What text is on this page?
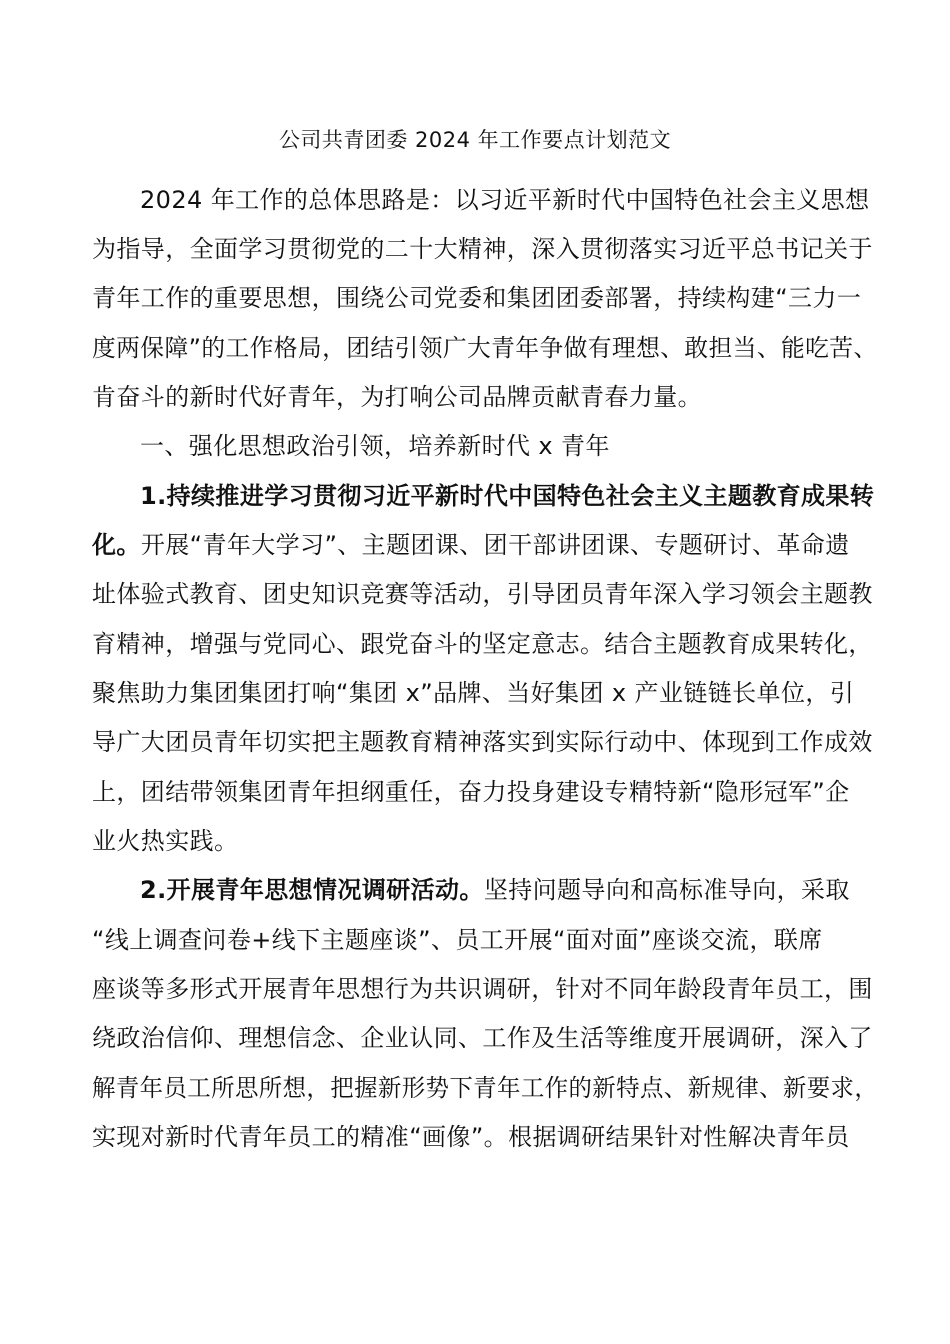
公司共青团委 2024 年工作要点计划范文
2024 年工作的总体思路是：以习近平新时代中国特色社会主义思想
为指导，全面学习贯彻党的二十大精神，深入贯彻落实习近平总书记关于
青年工作的重要思想，围绕公司党委和集团团委部署，持续构建“三力一
度两保障”的工作格局，团结引领广大青年争做有理想、敢担当、能吃苦、
肯奋斗的新时代好青年，为打响公司品牌贡献青春力量。
一、强化思想政治引领，培养新时代 x 青年
1.持续推进学习贯彻习近平新时代中国特色社会主义主题教育成果转
化。开展“青年大学习”、主题团课、团干部讲团课、专题研讨、革命遗
址体验式教育、团史知识竞赛等活动，引导团员青年深入学习领会主题教
育精神，增强与党同心、跟党奋斗的坚定意志。结合主题教育成果转化，
聚焦助力集团集团打响“集团 x”品牌、当好集团 x 产业链链长单位，引
导广大团员青年切实把主题教育精神落实到实际行动中、体现到工作成效
上，团结带领集团青年担纲重任，奋力投身建设专精特新“隐形冠军”企
业火热实践。
2.开展青年思想情况调研活动。坚持问题导向和高标准导向，采取
“线上调查问卷+线下主题座谈”、员工开展“面对面”座谈交流，联席
座谈等多形式开展青年思想行为共识调研，针对不同年龄段青年员工，围
绕政治信仰、理想信念、企业认同、工作及生活等维度开展调研，深入了
解青年员工所思所想，把握新形势下青年工作的新特点、新规律、新要求，
实现对新时代青年员工的精准“画像”。根据调研结果针对性解决青年员
